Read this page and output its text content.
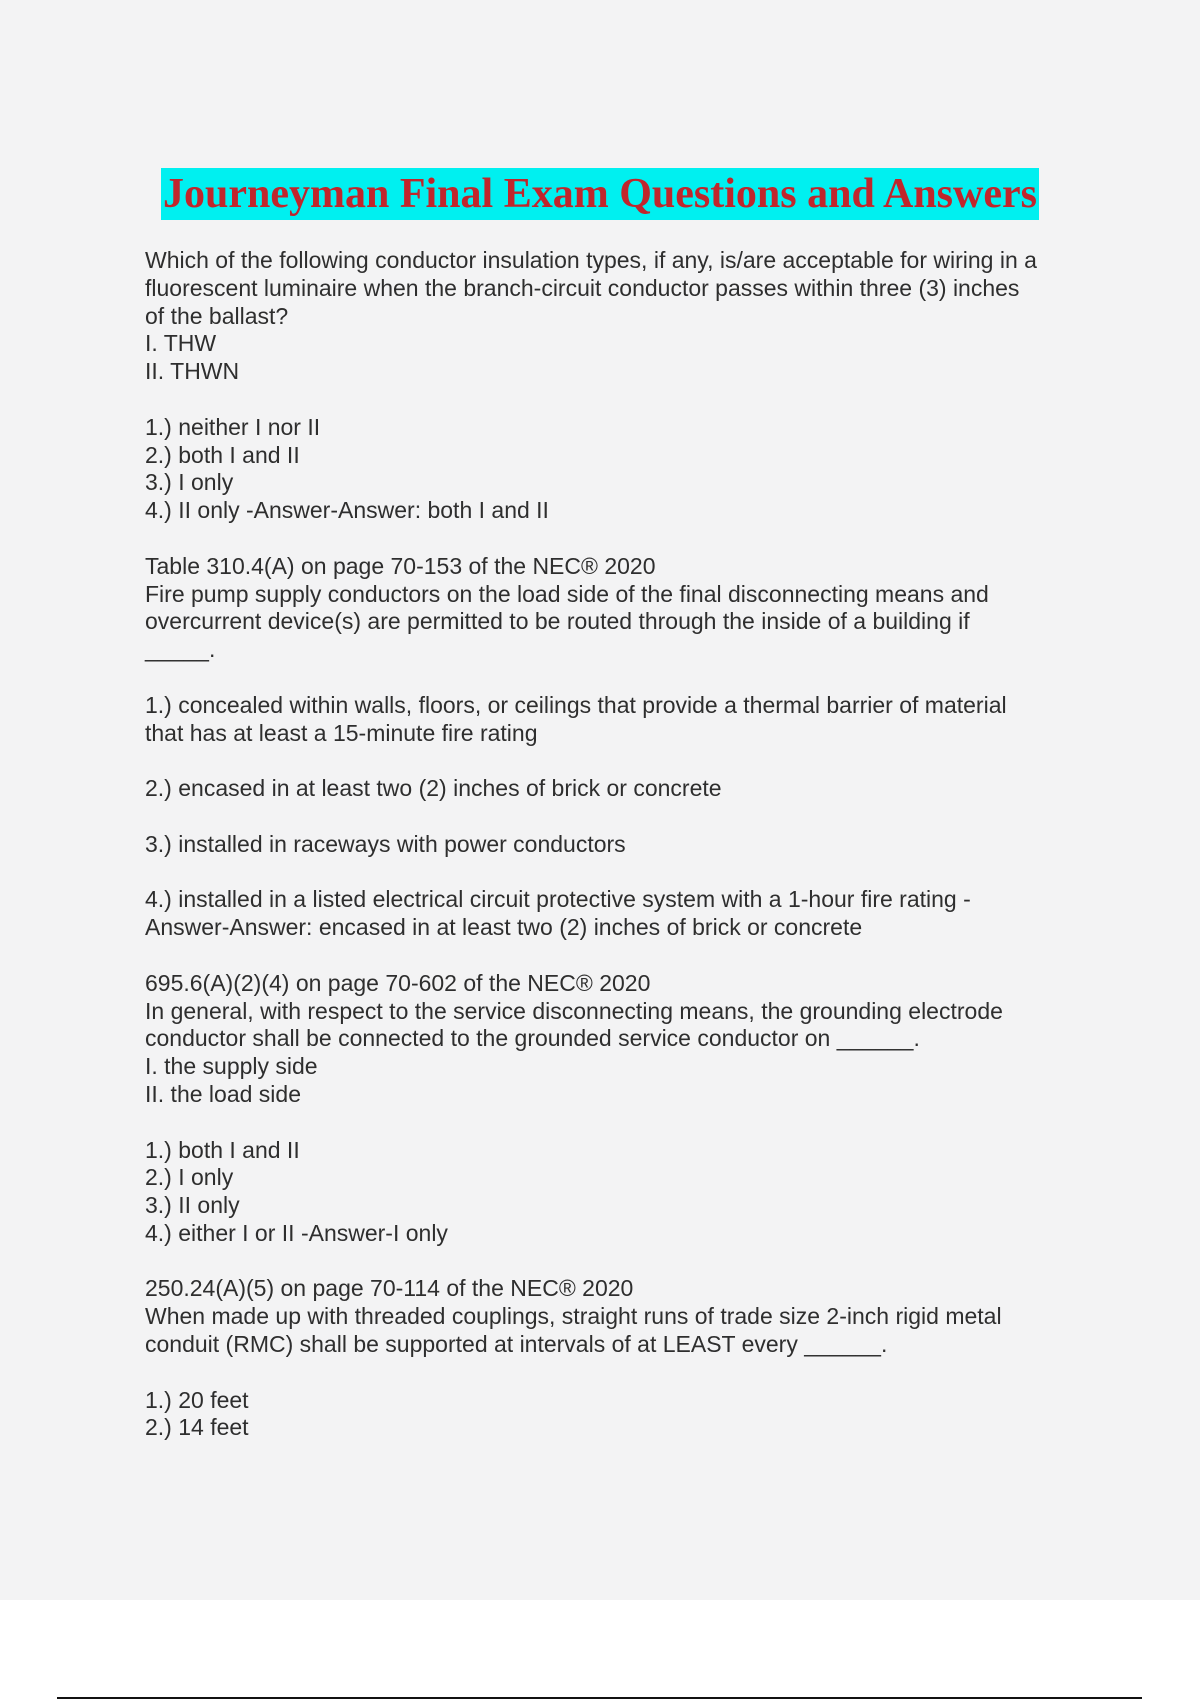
Journeyman Final Exam Questions and Answers
Which of the following conductor insulation types, if any, is/are acceptable for wiring in a
fluorescent luminaire when the branch-circuit conductor passes within three (3) inches
of the ballast?
I. THW
II. THWN
1.) neither I nor II
2.) both I and II
3.) I only
4.) II only -Answer-Answer: both I and II
Table 310.4(A) on page 70-153 of the NEC® 2020
Fire pump supply conductors on the load side of the final disconnecting means and
overcurrent device(s) are permitted to be routed through the inside of a building if
_____.
1.) concealed within walls, floors, or ceilings that provide a thermal barrier of material
that has at least a 15-minute fire rating
2.) encased in at least two (2) inches of brick or concrete
3.) installed in raceways with power conductors
4.) installed in a listed electrical circuit protective system with a 1-hour fire rating -
Answer-Answer: encased in at least two (2) inches of brick or concrete
695.6(A)(2)(4) on page 70-602 of the NEC® 2020
In general, with respect to the service disconnecting means, the grounding electrode
conductor shall be connected to the grounded service conductor on ______.
I. the supply side
II. the load side
1.) both I and II
2.) I only
3.) II only
4.) either I or II -Answer-I only
250.24(A)(5) on page 70-114 of the NEC® 2020
When made up with threaded couplings, straight runs of trade size 2-inch rigid metal
conduit (RMC) shall be supported at intervals of at LEAST every ______.
1.) 20 feet
2.) 14 feet
